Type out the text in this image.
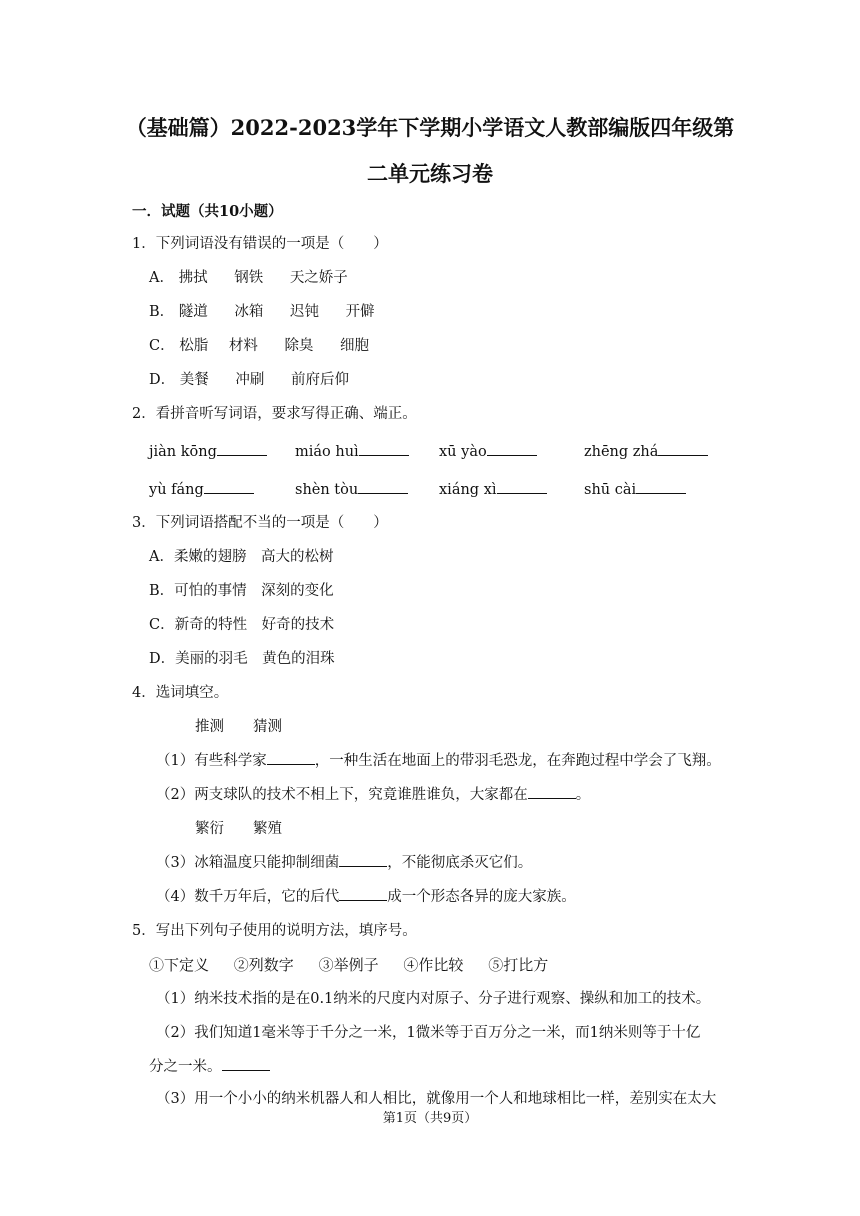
（基础篇）2022-2023学年下学期小学语文人教部编版四年级第
二单元练习卷
一．试题（共10小题）
1．下列词语没有错误的一项是（　　）
A． 拂拭 钢铁 天之娇子
B． 隧道 冰箱 迟钝 开僻
C． 松脂 材料 除臭 细胞
D． 美餐 冲刷 前府后仰
2．看拼音听写词语，要求写得正确、端正。
jiàn kōng	miáo huì	xū yào	zhēng zhá
yù fáng	shèn tòu	xiáng xì	shū cài
3．下列词语搭配不当的一项是（　　）
A．柔嫩的翅膀　高大的松树
B．可怕的事情　深刻的变化
C．新奇的特性　好奇的技术
D．美丽的羽毛　黄色的泪珠
4．选词填空。
推测　　猜测
（1）有些科学家	，一种生活在地面上的带羽毛恐龙，在奔跑过程中学会了飞翔。
（2）两支球队的技术不相上下，究竟谁胜谁负，大家都在	。
繁衍　　繁殖
（3）冰箱温度只能抑制细菌	，不能彻底杀灭它们。
（4）数千万年后，它的后代	成一个形态各异的庞大家族。
5．写出下列句子使用的说明方法，填序号。
①下定义 ②列数字 ③举例子 ④作比较 ⑤打比方
（1）纳米技术指的是在0.1纳米的尺度内对原子、分子进行观察、操纵和加工的技术。
（2）我们知道1毫米等于千分之一米，1微米等于百万分之一米，而1纳米则等于十亿
分之一米。
（3）用一个小小的纳米机器人和人相比，就像用一个人和地球相比一样，差别实在太大
第1页（共9页）
